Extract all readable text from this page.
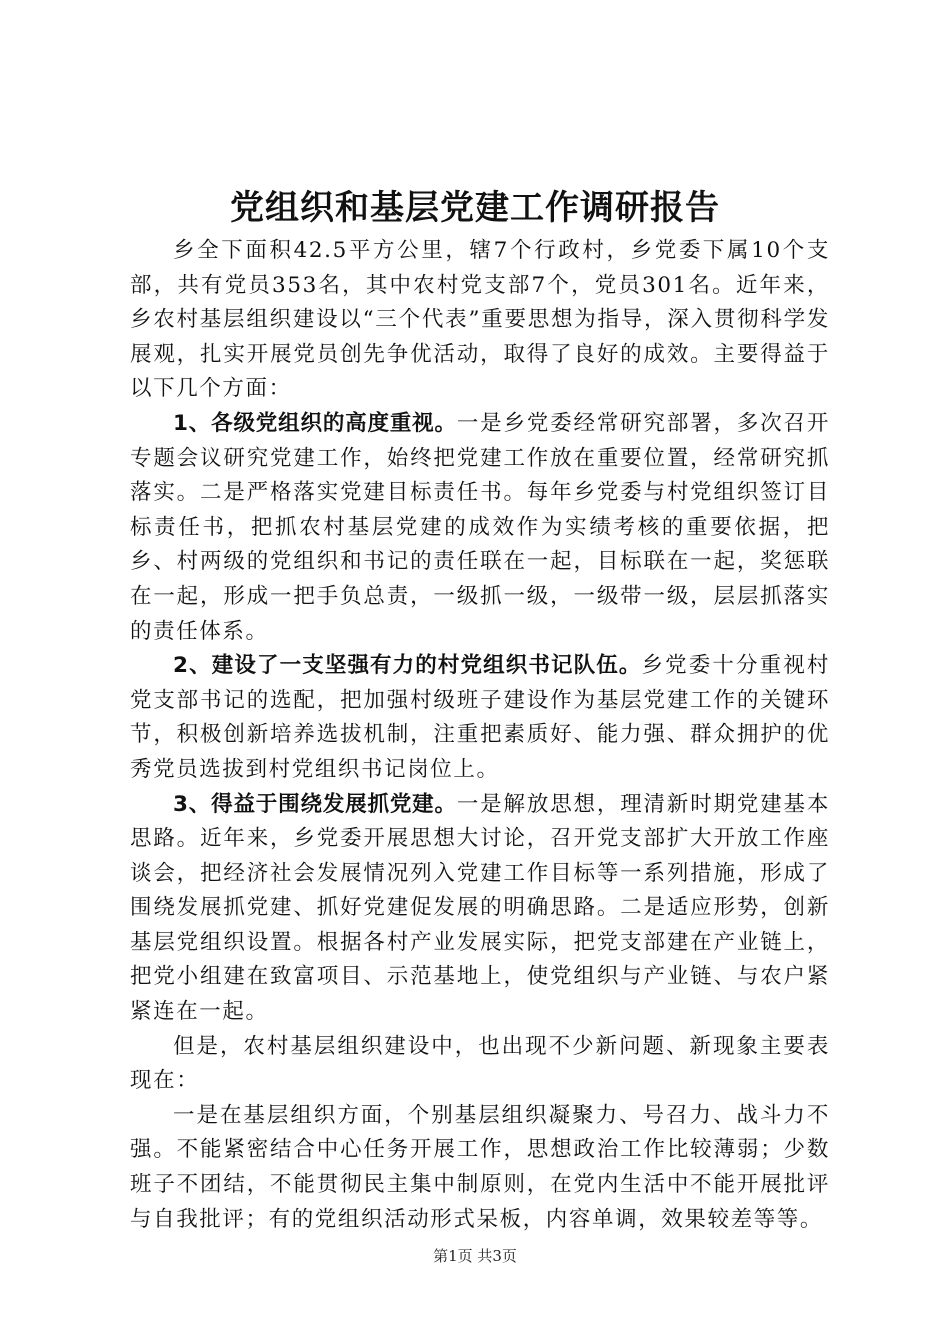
党组织和基层党建工作调研报告

乡全下面积42.5平方公里，辖7个行政村，乡党委下属10个支部，共有党员353名，其中农村党支部7个，党员301名。近年来，乡农村基层组织建设以“三个代表”重要思想为指导，深入贯彻科学发展观，扎实开展党员创先争优活动，取得了良好的成效。主要得益于以下几个方面：

1、各级党组织的高度重视。一是乡党委经常研究部署，多次召开专题会议研究党建工作，始终把党建工作放在重要位置，经常研究抓落实。二是严格落实党建目标责任书。每年乡党委与村党组织签订目标责任书，把抓农村基层党建的成效作为实绩考核的重要依据，把乡、村两级的党组织和书记的责任联在一起，目标联在一起，奖惩联在一起，形成一把手负总责，一级抓一级，一级带一级，层层抓落实的责任体系。

2、建设了一支坚强有力的村党组织书记队伍。乡党委十分重视村党支部书记的选配，把加强村级班子建设作为基层党建工作的关键环节，积极创新培养选拔机制，注重把素质好、能力强、群众拥护的优秀党员选拔到村党组织书记岗位上。

3、得益于围绕发展抓党建。一是解放思想，理清新时期党建基本思路。近年来，乡党委开展思想大讨论，召开党支部扩大开放工作座谈会，把经济社会发展情况列入党建工作目标等一系列措施，形成了围绕发展抓党建、抓好党建促发展的明确思路。二是适应形势，创新基层党组织设置。根据各村产业发展实际，把党支部建在产业链上，把党小组建在致富项目、示范基地上，使党组织与产业链、与农户紧紧连在一起。

但是，农村基层组织建设中，也出现不少新问题、新现象主要表现在：

一是在基层组织方面，个别基层组织凝聚力、号召力、战斗力不强。不能紧密结合中心任务开展工作，思想政治工作比较薄弱；少数班子不团结，不能贯彻民主集中制原则，在党内生活中不能开展批评与自我批评；有的党组织活动形式呆板，内容单调，效果较差等等。

第1页 共3页
